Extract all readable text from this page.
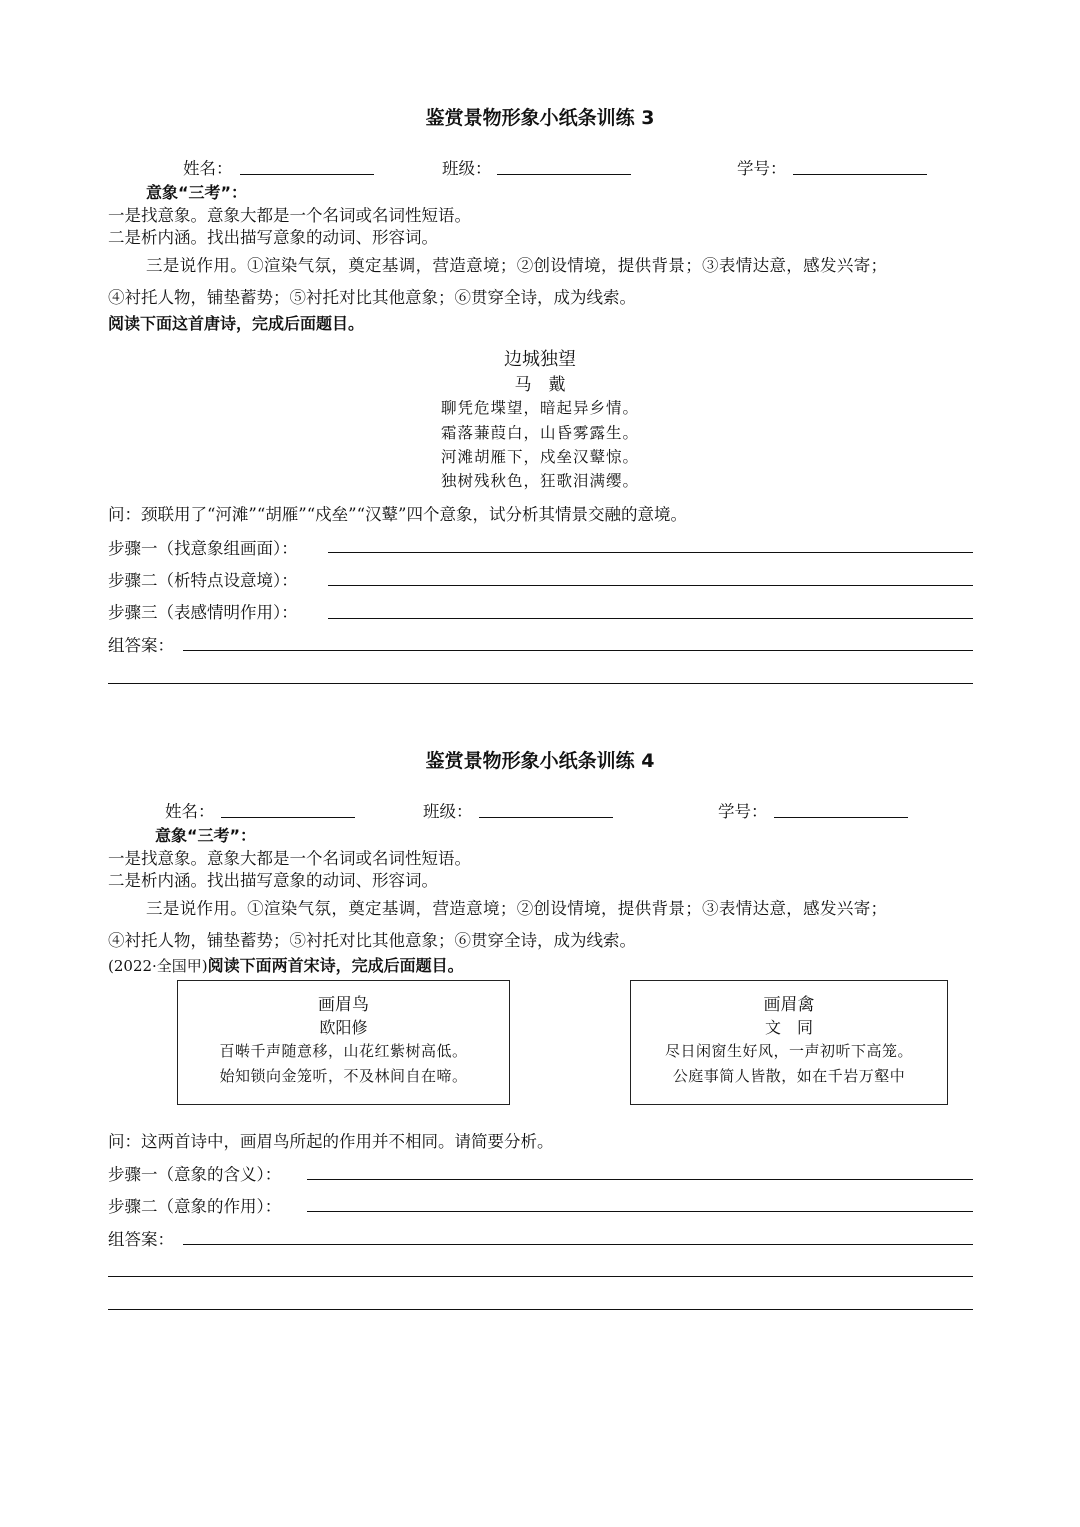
鉴赏景物形象小纸条训练 3
姓名：	班级：	学号：
意象“三考”：
一是找意象。意象大都是一个名词或名词性短语。
二是析内涵。找出描写意象的动词、形容词。
三是说作用。①渲染气氛，奠定基调，营造意境；②创设情境，提供背景；③表情达意，感发兴寄；
④衬托人物，铺垫蓄势；⑤衬托对比其他意象；⑥贯穿全诗，成为线索。
阅读下面这首唐诗，完成后面题目。
边城独望
马　戴
聊凭危堞望，暗起异乡情。
霜落蒹葭白，山昏雾露生。
河滩胡雁下，戍垒汉鼙惊。
独树残秋色，狂歌泪满缨。
问：颈联用了“河滩”“胡雁”“戍垒”“汉鼙”四个意象，试分析其情景交融的意境。
步骤一（找意象组画面）：
步骤二（析特点设意境）：
步骤三（表感情明作用）：
组答案：
鉴赏景物形象小纸条训练 4
姓名：	班级：	学号：
意象“三考”：
一是找意象。意象大都是一个名词或名词性短语。
二是析内涵。找出描写意象的动词、形容词。
三是说作用。①渲染气氛，奠定基调，营造意境；②创设情境，提供背景；③表情达意，感发兴寄；
④衬托人物，铺垫蓄势；⑤衬托对比其他意象；⑥贯穿全诗，成为线索。
(2022·全国甲)阅读下面两首宋诗，完成后面题目。
画眉鸟
欧阳修
百啭千声随意移，山花红紫树高低。
始知锁向金笼听，不及林间自在啼。
画眉禽
文　同
尽日闲窗生好风，一声初听下高笼。
公庭事简人皆散，如在千岩万壑中
问：这两首诗中，画眉鸟所起的作用并不相同。请简要分析。
步骤一（意象的含义）：
步骤二（意象的作用）：
组答案：
